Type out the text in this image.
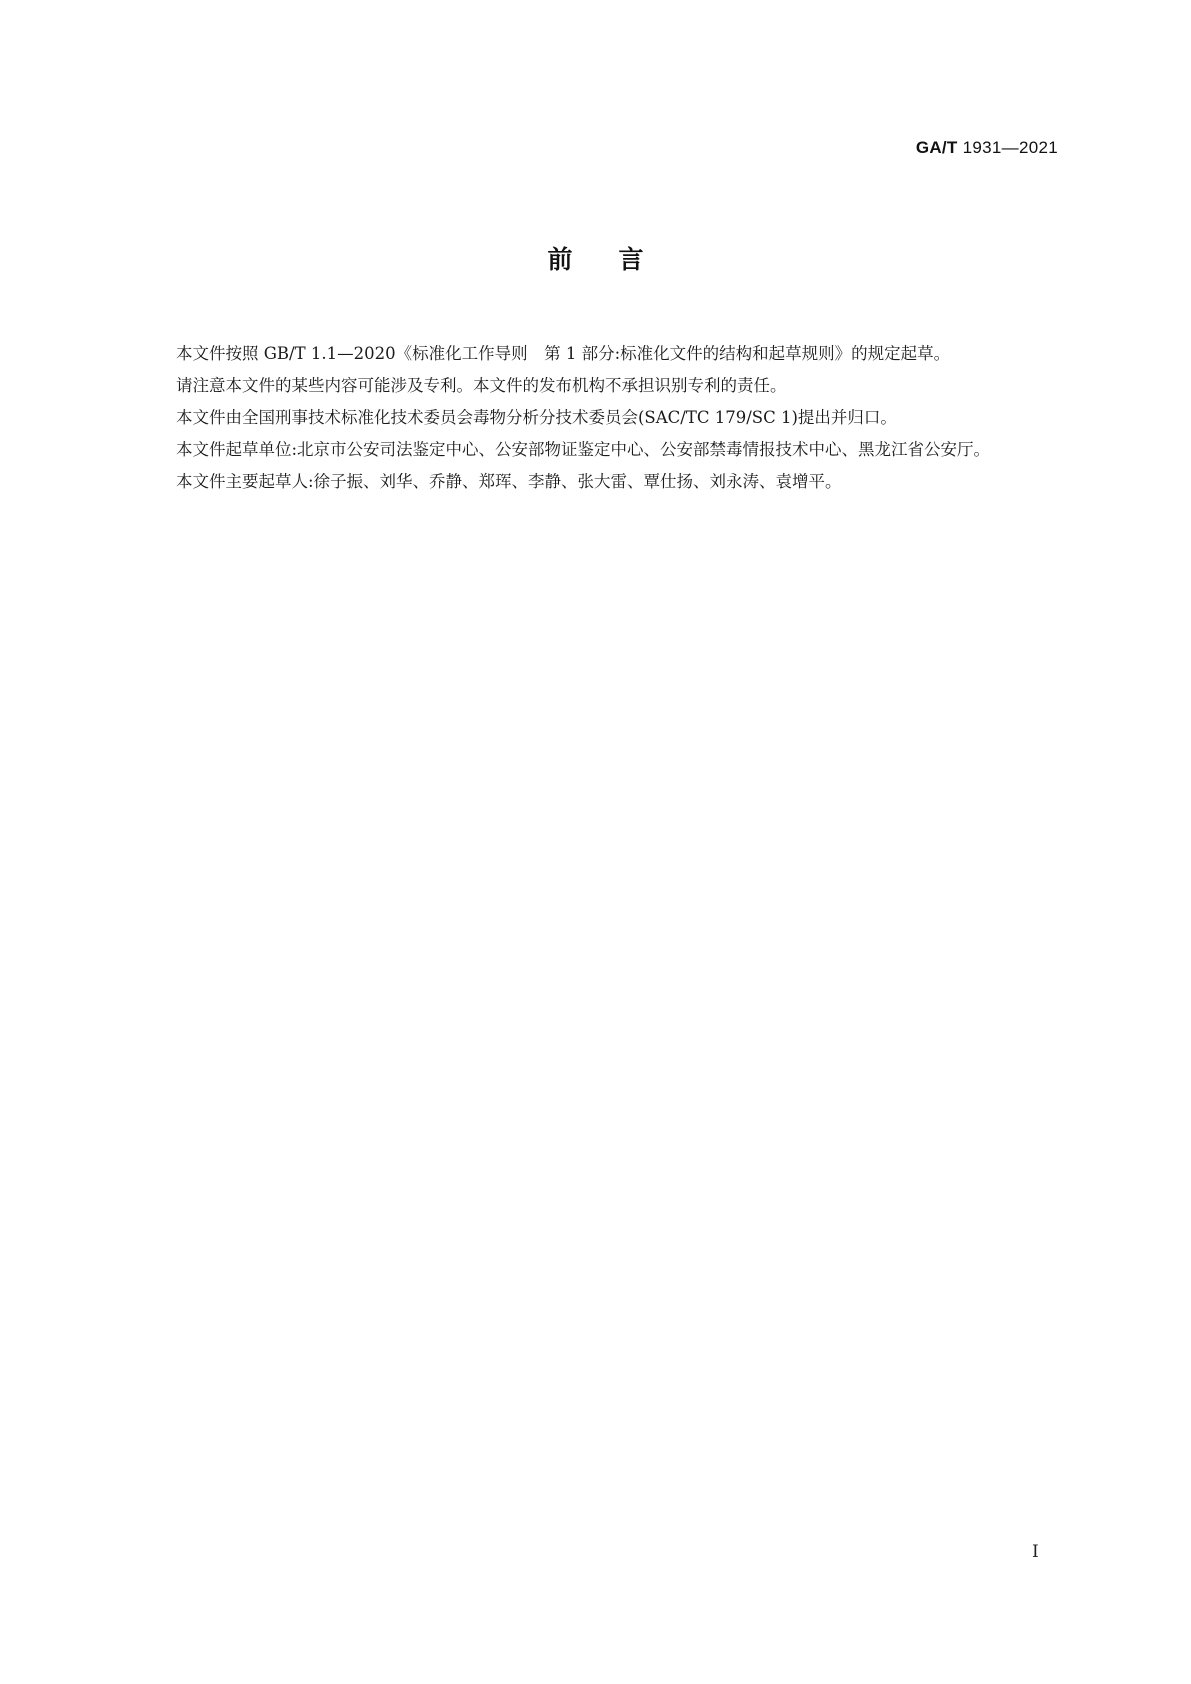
GA/T 1931—2021
前言

本文件按照 GB/T 1.1—2020《标准化工作导则　第 1 部分:标准化文件的结构和起草规则》的规定起草。

请注意本文件的某些内容可能涉及专利。本文件的发布机构不承担识别专利的责任。

本文件由全国刑事技术标准化技术委员会毒物分析分技术委员会(SAC/TC 179/SC 1)提出并归口。

本文件起草单位:北京市公安司法鉴定中心、公安部物证鉴定中心、公安部禁毒情报技术中心、黑龙江省公安厅。

本文件主要起草人:徐子振、刘华、乔静、郑珲、李静、张大雷、覃仕扬、刘永涛、袁增平。

I
